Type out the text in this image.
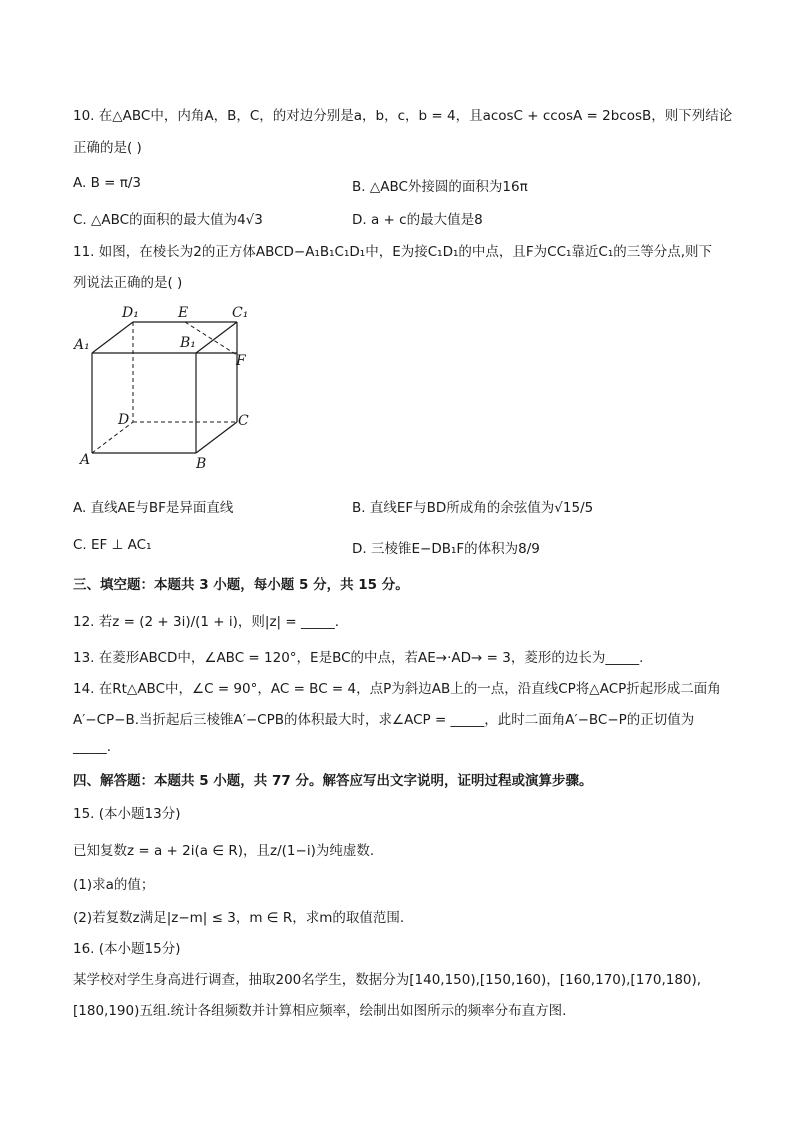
10. 在△ABC中，内角A，B，C，的对边分别是a，b，c，b = 4，且acosC + ccosA = 2bcosB，则下列结论
正确的是( )
A. B = π/3	B. △ABC外接圆的面积为16π
C. △ABC的面积的最大值为4√3	D. a + c的最大值是8
11. 如图，在棱长为2的正方体ABCD−A₁B₁C₁D₁中，E为接C₁D₁的中点，且F为CC₁靠近C₁的三等分点,则下
列说法正确的是( )
D₁	E	C₁
A₁	B₁
F
D	C
A	B
A. 直线AE与BF是异面直线	B. 直线EF与BD所成角的余弦值为√15/5
C. EF ⊥ AC₁	D. 三棱锥E−DB₁F的体积为8/9
三、填空题：本题共 3 小题，每小题 5 分，共 15 分。
12. 若z = (2 + 3i)/(1 + i)，则|z| = _____.
13. 在菱形ABCD中，∠ABC = 120°，E是BC的中点，若AE→·AD→ = 3，菱形的边长为_____.
14. 在Rt△ABC中，∠C = 90°，AC = BC = 4，点P为斜边AB上的一点，沿直线CP将△ACP折起形成二面角
A′−CP−B.当折起后三棱锥A′−CPB的体积最大时，求∠ACP = _____，此时二面角A′−BC−P的正切值为
_____.
四、解答题：本题共 5 小题，共 77 分。解答应写出文字说明，证明过程或演算步骤。
15. (本小题13分)
已知复数z = a + 2i(a ∈ R)，且z/(1−i)为纯虚数.
(1)求a的值；
(2)若复数z满足|z−m| ≤ 3，m ∈ R，求m的取值范围.
16. (本小题15分)
某学校对学生身高进行调查，抽取200名学生，数据分为[140,150),[150,160)，[160,170),[170,180),
[180,190)五组.统计各组频数并计算相应频率，绘制出如图所示的频率分布直方图.
